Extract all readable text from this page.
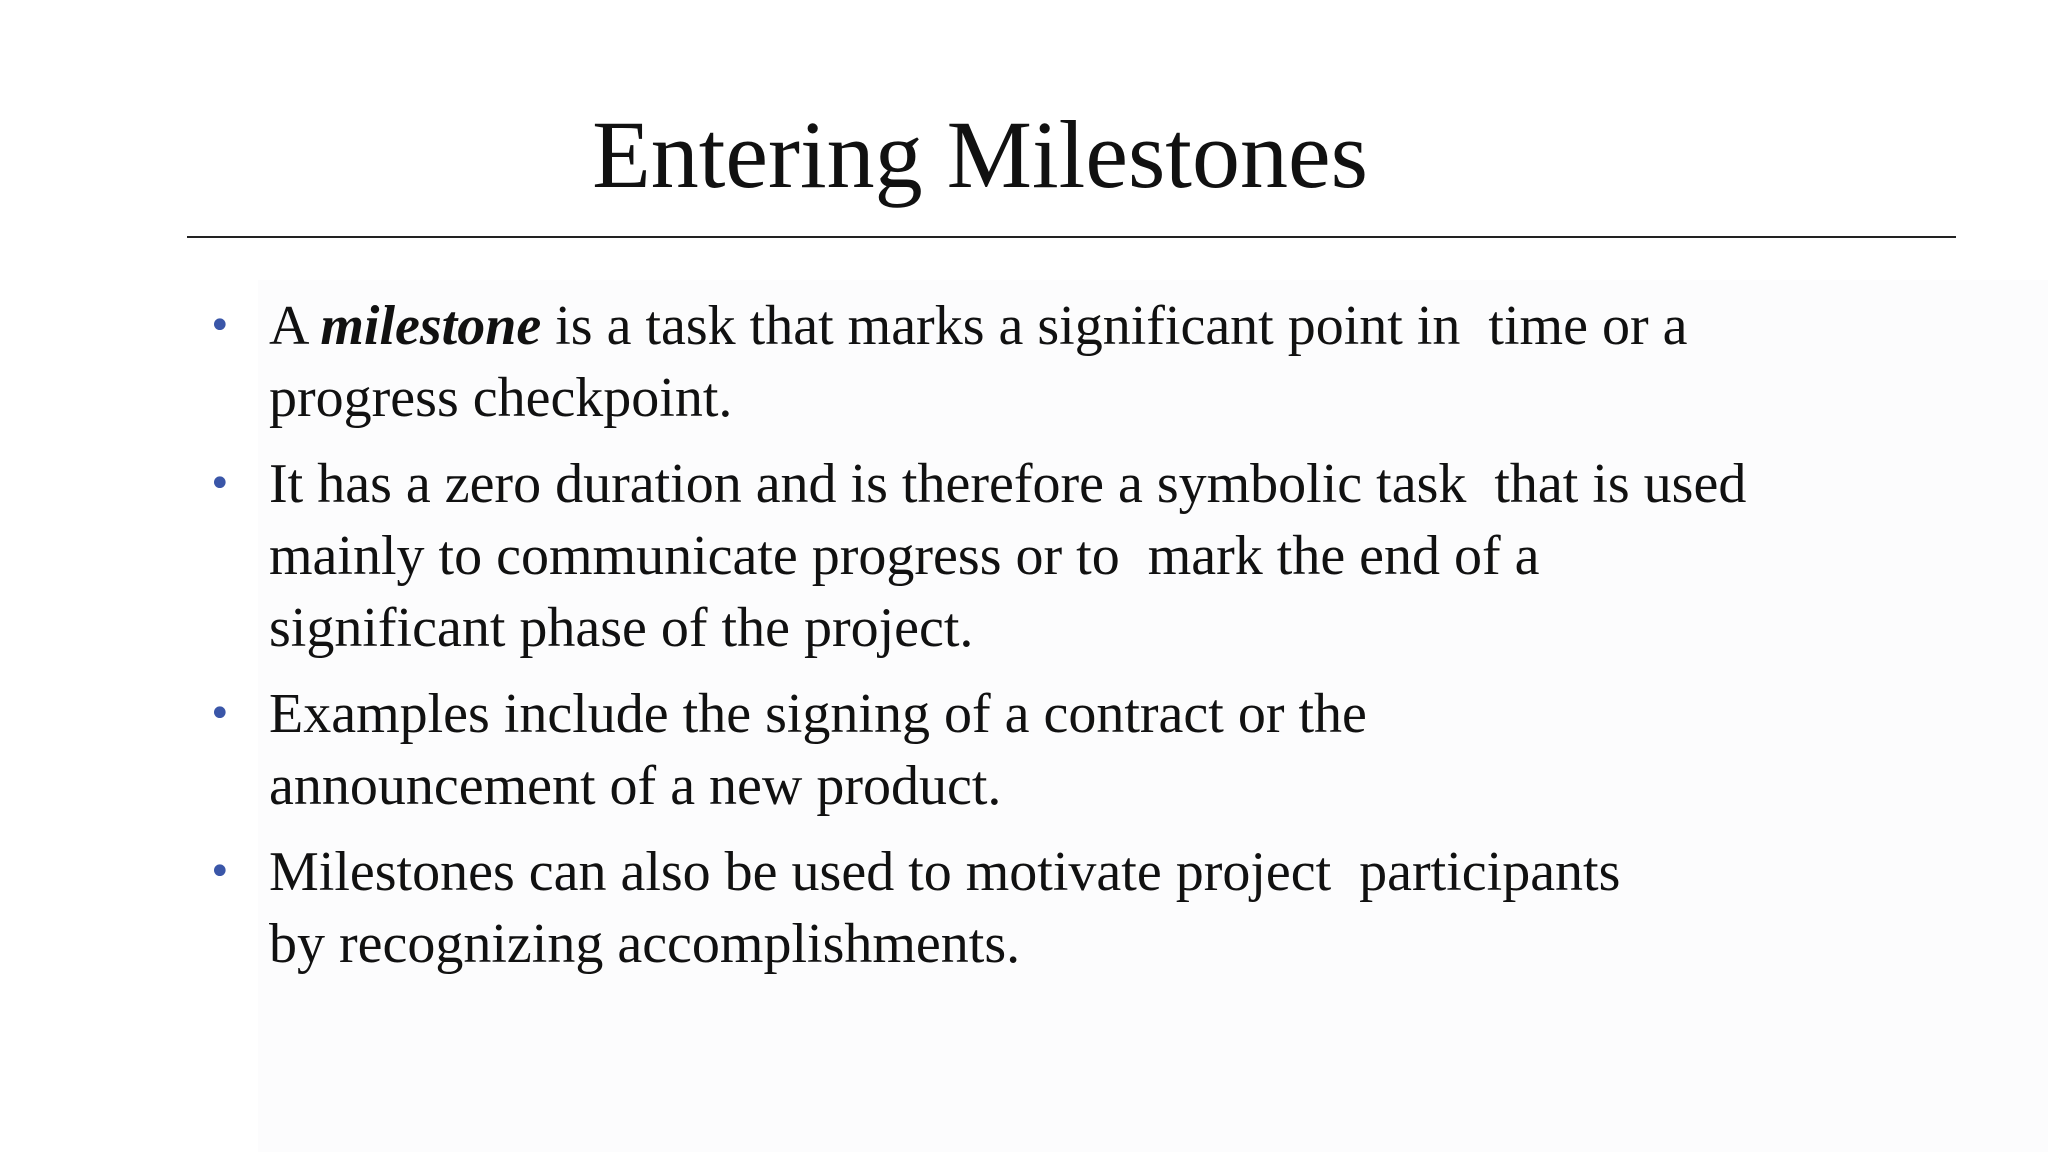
Entering Milestones
• A milestone is a task that marks a significant point in  time or a
progress checkpoint.
• It has a zero duration and is therefore a symbolic task  that is used
mainly to communicate progress or to  mark the end of a
significant phase of the project.
• Examples include the signing of a contract or the
announcement of a new product.
• Milestones can also be used to motivate project  participants
by recognizing accomplishments.
